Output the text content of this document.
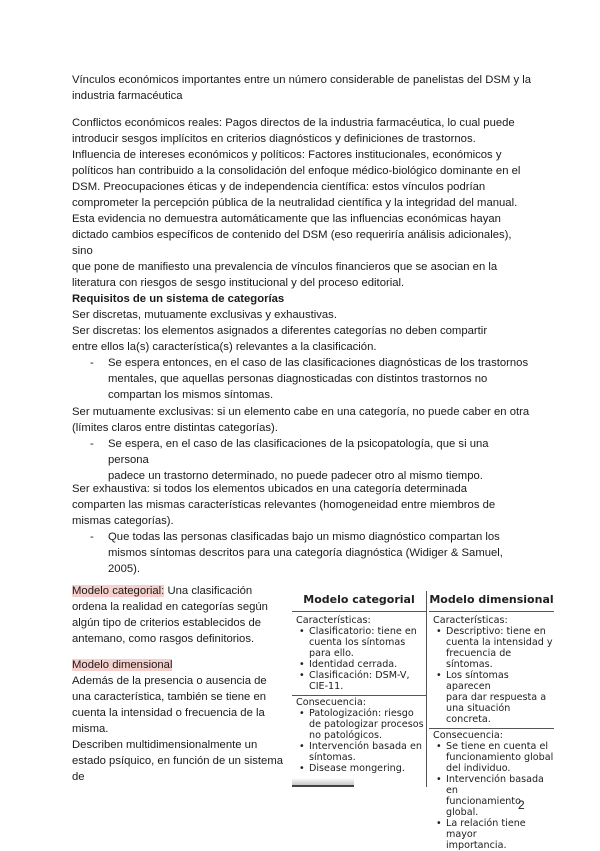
Vínculos económicos importantes entre un número considerable de panelistas del DSM y la

industria farmacéutica

Conflictos económicos reales: Pagos directos de la industria farmacéutica, lo cual puede

introducir sesgos implícitos en criterios diagnósticos y definiciones de trastornos.

Influencia de intereses económicos y políticos: Factores institucionales, económicos y

políticos han contribuido a la consolidación del enfoque médico-biológico dominante en el

DSM. Preocupaciones éticas y de independencia científica: estos vínculos podrían

comprometer la percepción pública de la neutralidad científica y la integridad del manual.

Esta evidencia no demuestra automáticamente que las influencias económicas hayan

dictado cambios específicos de contenido del DSM (eso requeriría análisis adicionales), sino

que pone de manifiesto una prevalencia de vínculos financieros que se asocian en la

literatura con riesgos de sesgo institucional y del proceso editorial.

Requisitos de un sistema de categorías

Ser discretas, mutuamente exclusivas y exhaustivas.

Ser discretas: los elementos asignados a diferentes categorías no deben compartir

entre ellos la(s) característica(s) relevantes a la clasificación.

- Se espera entonces, en el caso de las clasificaciones diagnósticas de los trastornos

mentales, que aquellas personas diagnosticadas con distintos trastornos no

compartan los mismos síntomas.

Ser mutuamente exclusivas: si un elemento cabe en una categoría, no puede caber en otra

(límites claros entre distintas categorías).

- Se espera, en el caso de las clasificaciones de la psicopatología, que si una persona

padece un trastorno determinado, no puede padecer otro al mismo tiempo.

Ser exhaustiva: si todos los elementos ubicados en una categoría determinada

comparten las mismas características relevantes (homogeneidad entre miembros de

mismas categorías).

- Que todas las personas clasificadas bajo un mismo diagnóstico compartan los

mismos síntomas descritos para una categoría diagnóstica (Widiger & Samuel,

2005).

Modelo categorial: Una clasificación

ordena la realidad en categorías según

algún tipo de criterios establecidos de

antemano, como rasgos definitorios.

Modelo dimensional

Además de la presencia o ausencia de

una característica, también se tiene en

cuenta la intensidad o frecuencia de la

misma.

Describen multidimensionalmente un

estado psíquico, en función de un sistema

de

Modelo categorial
Características:
• Clasificatorio: tiene en
cuenta los síntomas
para ello.
• Identidad cerrada.
• Clasificación: DSM-V,
CIE-11.
Consecuencia:
• Patologización: riesgo
de patologizar procesos
no patológicos.
• Intervención basada en
síntomas.
• Disease mongering.
Modelo dimensional
Características:
• Descriptivo: tiene en
cuenta la intensidad y
frecuencia de síntomas.
• Los síntomas aparecen
para dar respuesta a
una situación concreta.
Consecuencia:
• Se tiene en cuenta el
funcionamiento global
del individuo.
• Intervención basada en
funcionamiento global.
• La relación tiene mayor
importancia.
2
